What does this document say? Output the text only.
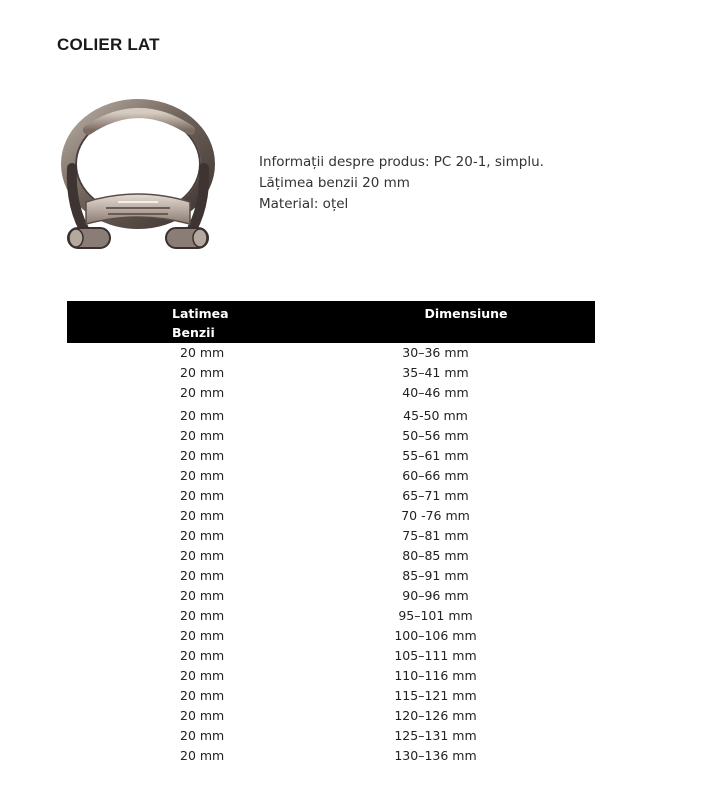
COLIER LAT
Informații despre produs: PC 20-1, simplu.
Lățimea benzii 20 mm
Material: oțel
Latimea
Benzii
Dimensiune
20 mm	30–36 mm
20 mm	35–41 mm
20 mm	40–46 mm
20 mm	45-50 mm
20 mm	50–56 mm
20 mm	55–61 mm
20 mm	60–66 mm
20 mm	65–71 mm
20 mm	70 -76 mm
20 mm	75–81 mm
20 mm	80–85 mm
20 mm	85–91 mm
20 mm	90–96 mm
20 mm	95–101 mm
20 mm	100–106 mm
20 mm	105–111 mm
20 mm	110–116 mm
20 mm	115–121 mm
20 mm	120–126 mm
20 mm	125–131 mm
20 mm	130–136 mm
